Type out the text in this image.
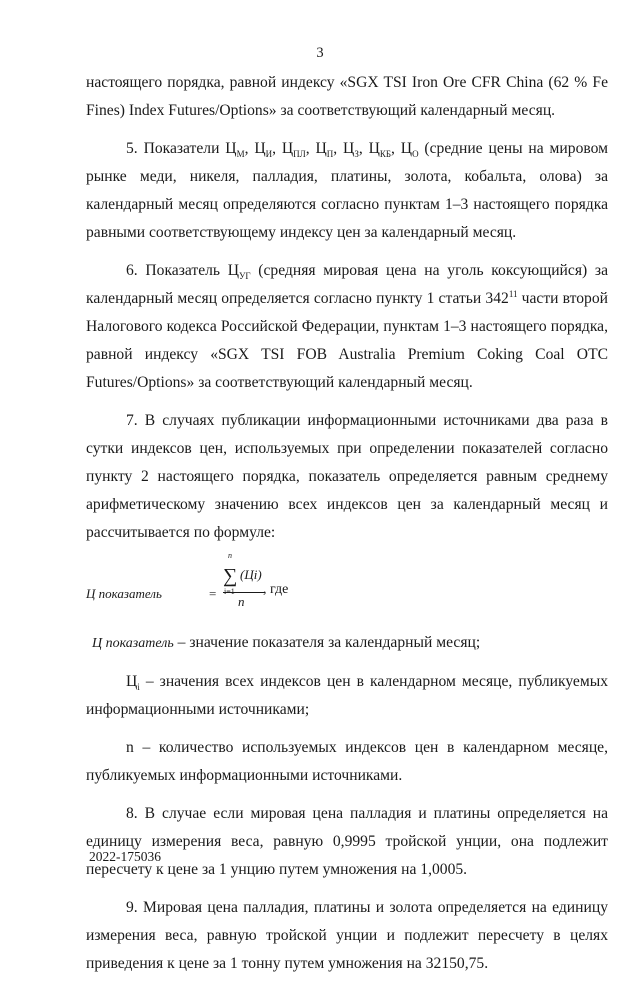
3

настоящего порядка, равной индексу «SGX TSI Iron Ore CFR China (62 % Fe Fines) Index Futures/Options» за соответствующий календарный месяц.

5. Показатели $Ц_М$, $Ц_И$, $Ц_{ПЛ}$, $Ц_П$, $Ц_З$, $Ц_{КБ}$, $Ц_О$ (средние цены на мировом рынке меди, никеля, палладия, платины, золота, кобальта, олова) за календарный месяц определяются согласно пунктам 1–3 настоящего порядка равными соответствующему индексу цен за календарный месяц.

6. Показатель $Ц_{УГ}$ (средняя мировая цена на уголь коксующийся) за календарный месяц определяется согласно пункту 1 статьи $342^{11}$ части второй Налогового кодекса Российской Федерации, пунктам 1–3 настоящего порядка, равной индексу «SGX TSI FOB Australia Premium Coking Coal OTC Futures/Options» за соответствующий календарный месяц.

7. В случаях публикации информационными источниками два раза в сутки индексов цен, используемых при определении показателей согласно пункту 2 настоящего порядка, показатель определяется равным среднему арифметическому значению всех индексов цен за календарный месяц и рассчитывается по формуле:

Ц показатель	=
n
∑
i=1
(Цi)
n
, где

Ц показатель – значение показателя за календарный месяц;

$Ц_i$ – значения всех индексов цен в календарном месяце, публикуемых информационными источниками;

n – количество используемых индексов цен в календарном месяце, публикуемых информационными источниками.

8. В случае если мировая цена палладия и платины определяется на единицу измерения веса, равную 0,9995 тройской унции, она подлежит пересчету к цене за 1 унцию путем умножения на 1,0005.

9. Мировая цена палладия, платины и золота определяется на единицу измерения веса, равную тройской унции и подлежит пересчету в целях приведения к цене за 1 тонну путем умножения на 32150,75.

2022-175036
